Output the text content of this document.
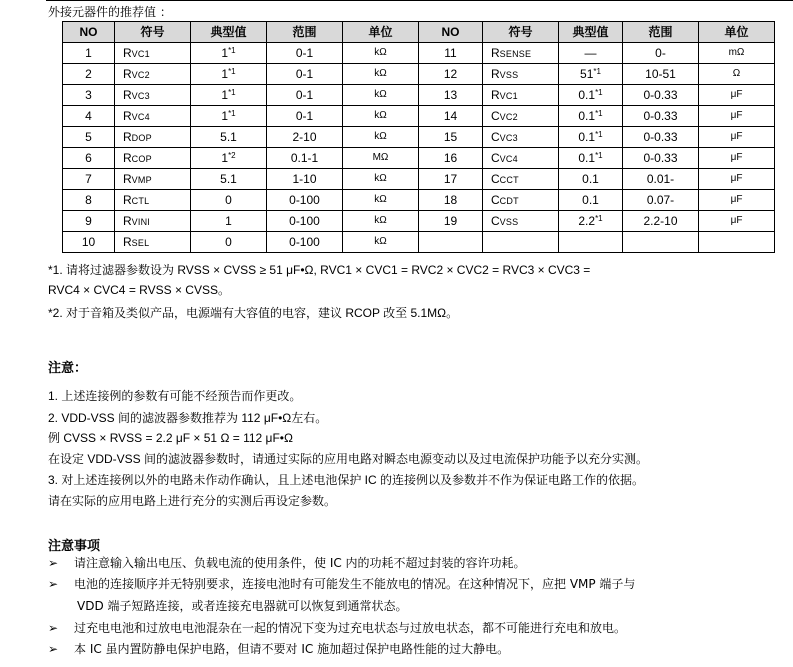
外接元器件的推荐值 ：
NO	符号	典型值	范围	单位	NO	符号	典型值	范围	单位
1	RVC1	1$^{*1}$	0-1	kΩ	11	RSENSE	—	0-	mΩ
2	RVC2	1$^{*1}$	0-1	kΩ	12	RVSS	51$^{*1}$	10-51	Ω
3	RVC3	1$^{*1}$	0-1	kΩ	13	RVC1	0.1$^{*1}$	0-0.33	μF
4	RVC4	1$^{*1}$	0-1	kΩ	14	CVC2	0.1$^{*1}$	0-0.33	μF
5	RDOP	5.1	2-10	kΩ	15	CVC3	0.1$^{*1}$	0-0.33	μF
6	RCOP	1$^{*2}$	0.1-1	MΩ	16	CVC4	0.1$^{*1}$	0-0.33	μF
7	RVMP	5.1	1-10	kΩ	17	CCCT	0.1	0.01-	μF
8	RCTL	0	0-100	kΩ	18	CCDT	0.1	0.07-	μF
9	RVINI	1	0-100	kΩ	19	CVSS	2.2$^{*1}$	2.2-10	μF
10	RSEL	0	0-100	kΩ					
*1. 请将过滤器参数设为 RVSS × CVSS ≥ 51 μF•Ω, RVC1 × CVC1 = RVC2 × CVC2 = RVC3 × CVC3 =
RVC4 × CVC4 = RVSS × CVSS。
*2. 对于音箱及类似产品，电源端有大容值的电容，建议 RCOP 改至 5.1MΩ。
注意：
1. 上述连接例的参数有可能不经预告而作更改。
2. VDD-VSS 间的滤波器参数推荐为 112 μF•Ω左右。
例 CVSS × RVSS = 2.2 μF × 51 Ω = 112 μF•Ω
在设定 VDD-VSS 间的滤波器参数时，请通过实际的应用电路对瞬态电源变动以及过电流保护功能予以充分实测。
3. 对上述连接例以外的电路未作动作确认，且上述电池保护 IC 的连接例以及参数并不作为保证电路工作的依据。
请在实际的应用电路上进行充分的实测后再设定参数。
注意事项
➢ 请注意输入输出电压、负载电流的使用条件，使 IC 内的功耗不超过封装的容许功耗。
➢ 电池的连接顺序并无特别要求，连接电池时有可能发生不能放电的情况。在这种情况下，应把 VMP 端子与
VDD 端子短路连接，或者连接充电器就可以恢复到通常状态。
➢ 过充电电池和过放电电池混杂在一起的情况下变为过充电状态与过放电状态，都不可能进行充电和放电。
➢ 本 IC 虽内置防静电保护电路，但请不要对 IC 施加超过保护电路性能的过大静电。
